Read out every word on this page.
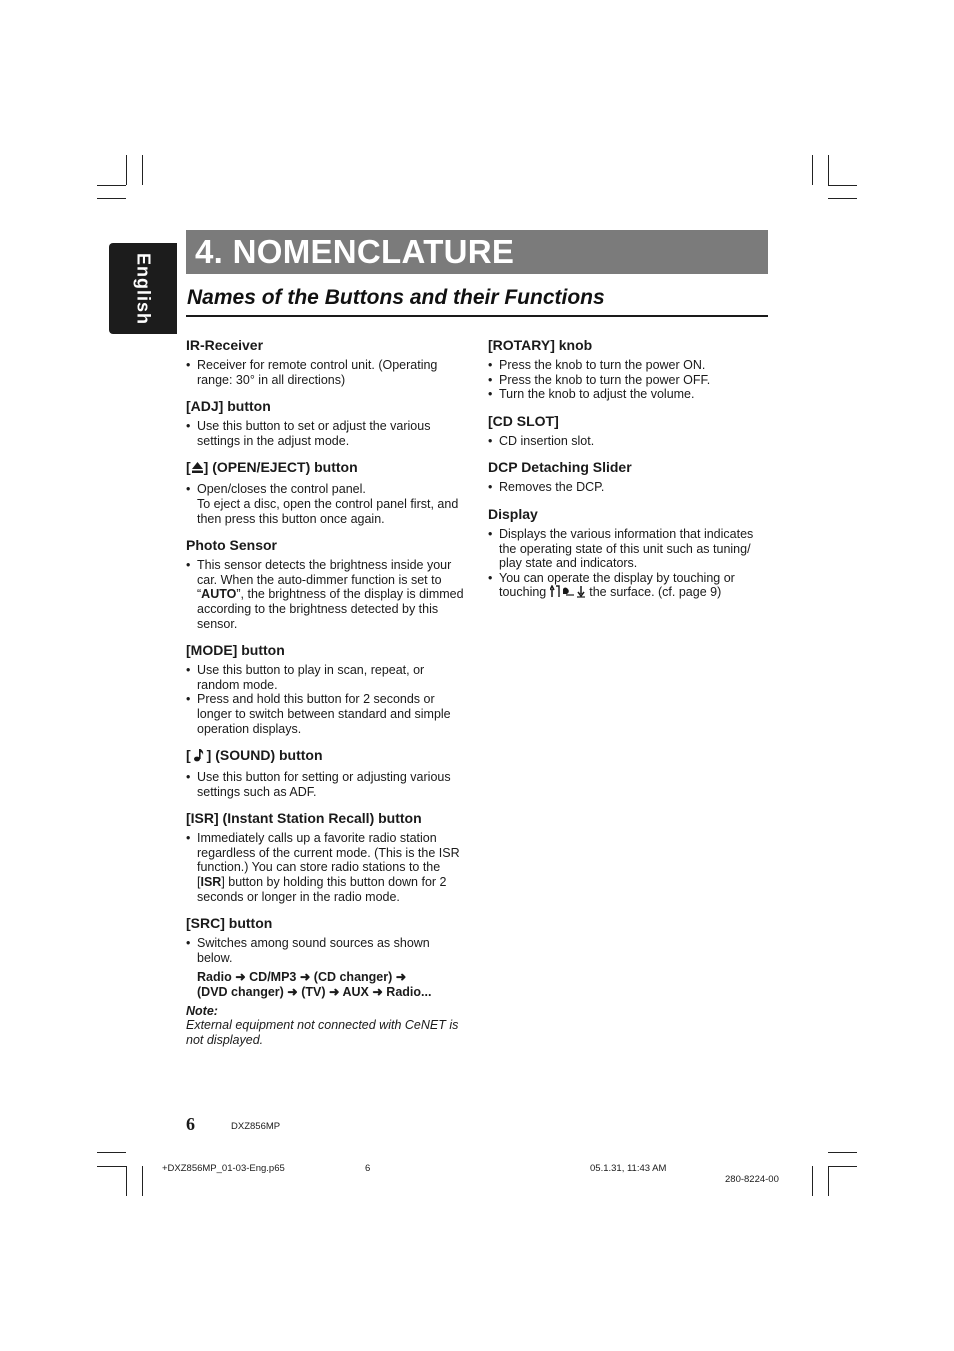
English
4. NOMENCLATURE
Names of the Buttons and their Functions
IR-Receiver
• Receiver for remote control unit. (Operating range: 30° in all directions)
[ADJ] button
• Use this button to set or adjust the various settings in the adjust mode.
[ ] (OPEN/EJECT) button
• Open/closes the control panel.
To eject a disc, open the control panel first, and then press this button once again.
Photo Sensor
• This sensor detects the brightness inside your car. When the auto-dimmer function is set to “AUTO”, the brightness of the display is dimmed according to the brightness detected by this sensor.
[MODE] button
• Use this button to play in scan, repeat, or random mode.
• Press and hold this button for 2 seconds or longer to switch between standard and simple operation displays.
[ ] (SOUND) button
• Use this button for setting or adjusting various settings such as ADF.
[ISR] (Instant Station Recall) button
• Immediately calls up a favorite radio station regardless of the current mode. (This is the ISR function.) You can store radio stations to the [ISR] button by holding this button down for 2 seconds or longer in the radio mode.
[SRC] button
• Switches among sound sources as shown below.
Radio ➜ CD/MP3 ➜ (CD changer) ➜
(DVD changer) ➜ (TV) ➜ AUX ➜ Radio...
Note:
External equipment not connected with CeNET is not displayed.
[ROTARY] knob
• Press the knob to turn the power ON.
• Press the knob to turn the power OFF.
• Turn the knob to adjust the volume.
[CD SLOT]
• CD insertion slot.
DCP Detaching Slider
• Removes the DCP.
Display
• Displays the various information that indicates the operating state of this unit such as tuning/ play state and indicators.
• You can operate the display by touching or touching	the surface. (cf. page 9)
6	DXZ856MP
+DXZ856MP_01-03-Eng.p65	6	05.1.31, 11:43 AM
280-8224-00
